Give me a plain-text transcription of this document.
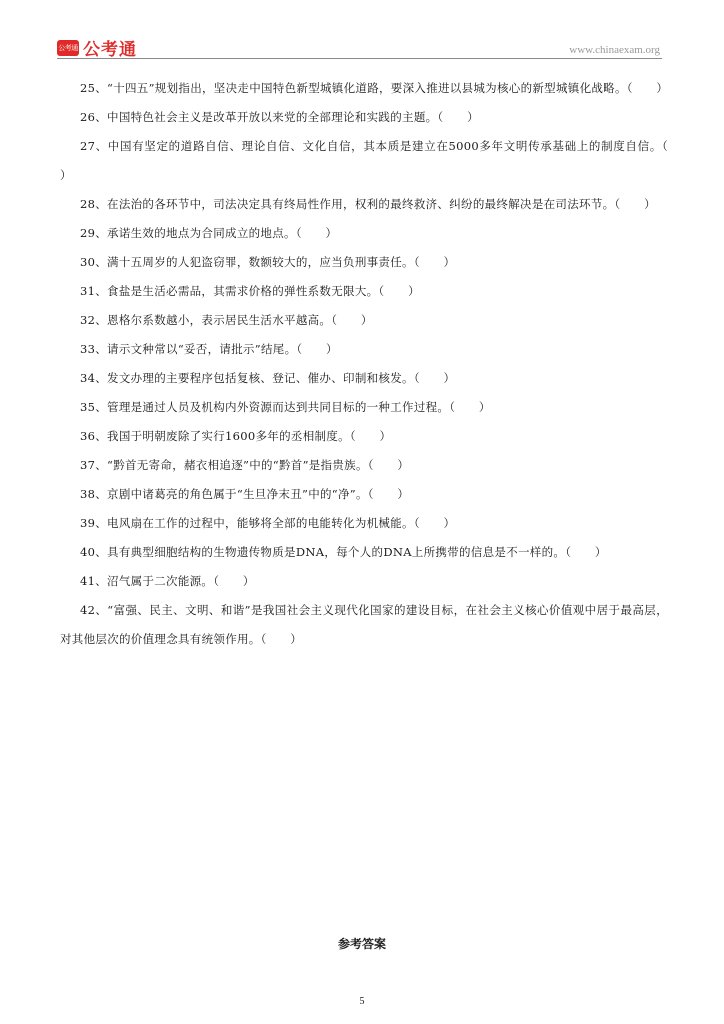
公考通 公考通	www.chinaexam.org

25、“十四五”规划指出，坚决走中国特色新型城镇化道路，要深入推进以县城为核心的新型城镇化战略。（　　）

26、中国特色社会主义是改革开放以来党的全部理论和实践的主题。（　　）

27、中国有坚定的道路自信、理论自信、文化自信，其本质是建立在5000多年文明传承基础上的制度自信。（　　）

28、在法治的各环节中，司法决定具有终局性作用，权利的最终救济、纠纷的最终解决是在司法环节。（　　）

29、承诺生效的地点为合同成立的地点。（　　）

30、满十五周岁的人犯盗窃罪，数额较大的，应当负刑事责任。（　　）

31、食盐是生活必需品，其需求价格的弹性系数无限大。（　　）

32、恩格尔系数越小，表示居民生活水平越高。（　　）

33、请示文种常以“妥否，请批示”结尾。（　　）

34、发文办理的主要程序包括复核、登记、催办、印制和核发。（　　）

35、管理是通过人员及机构内外资源而达到共同目标的一种工作过程。（　　）

36、我国于明朝废除了实行1600多年的丞相制度。（　　）

37、“黔首无寄命，赭衣相追逐”中的“黔首”是指贵族。（　　）

38、京剧中诸葛亮的角色属于“生旦净末丑”中的“净”。（　　）

39、电风扇在工作的过程中，能够将全部的电能转化为机械能。（　　）

40、具有典型细胞结构的生物遗传物质是DNA，每个人的DNA上所携带的信息是不一样的。（　　）

41、沼气属于二次能源。（　　）

42、“富强、民主、文明、和谐”是我国社会主义现代化国家的建设目标，在社会主义核心价值观中居于最高层，对其他层次的价值理念具有统领作用。（　　）

参考答案
5
